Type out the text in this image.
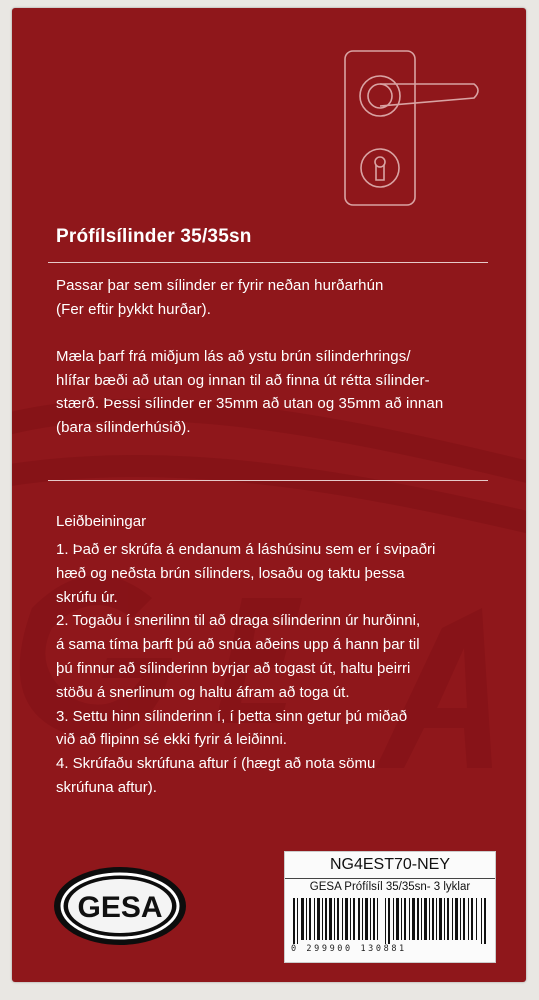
Prófílsílinder 35/35sn

Passar þar sem sílinder er fyrir neðan hurðarhún

(Fer eftir þykkt hurðar).

Mæla þarf frá miðjum lás að ystu brún sílinderhrings/

hlífar bæði að utan og innan til að finna út rétta sílinder-

stærð. Þessi sílinder er 35mm að utan og 35mm að innan

(bara sílinderhúsið).

Leiðbeiningar

1. Það er skrúfa á endanum á láshúsinu sem er í svipaðri

hæð og neðsta brún sílinders, losaðu og taktu þessa

skrúfu úr.

2. Togaðu í snerilinn til að draga sílinderinn úr hurðinni,

á sama tíma þarft þú að snúa aðeins upp á hann þar til

þú finnur að sílinderinn byrjar að togast út, haltu þeirri

stöðu á snerlinum og haltu áfram að toga út.

3. Settu hinn sílinderinn í, í þetta sinn getur þú miðað

við að flipinn sé ekki fyrir á leiðinni.

4. Skrúfaðu skrúfuna aftur í (hægt að nota sömu

skrúfuna aftur).

GESA
NG4EST70-NEY
GESA Prófílsíl 35/35sn- 3 lyklar
0 299900 130881
